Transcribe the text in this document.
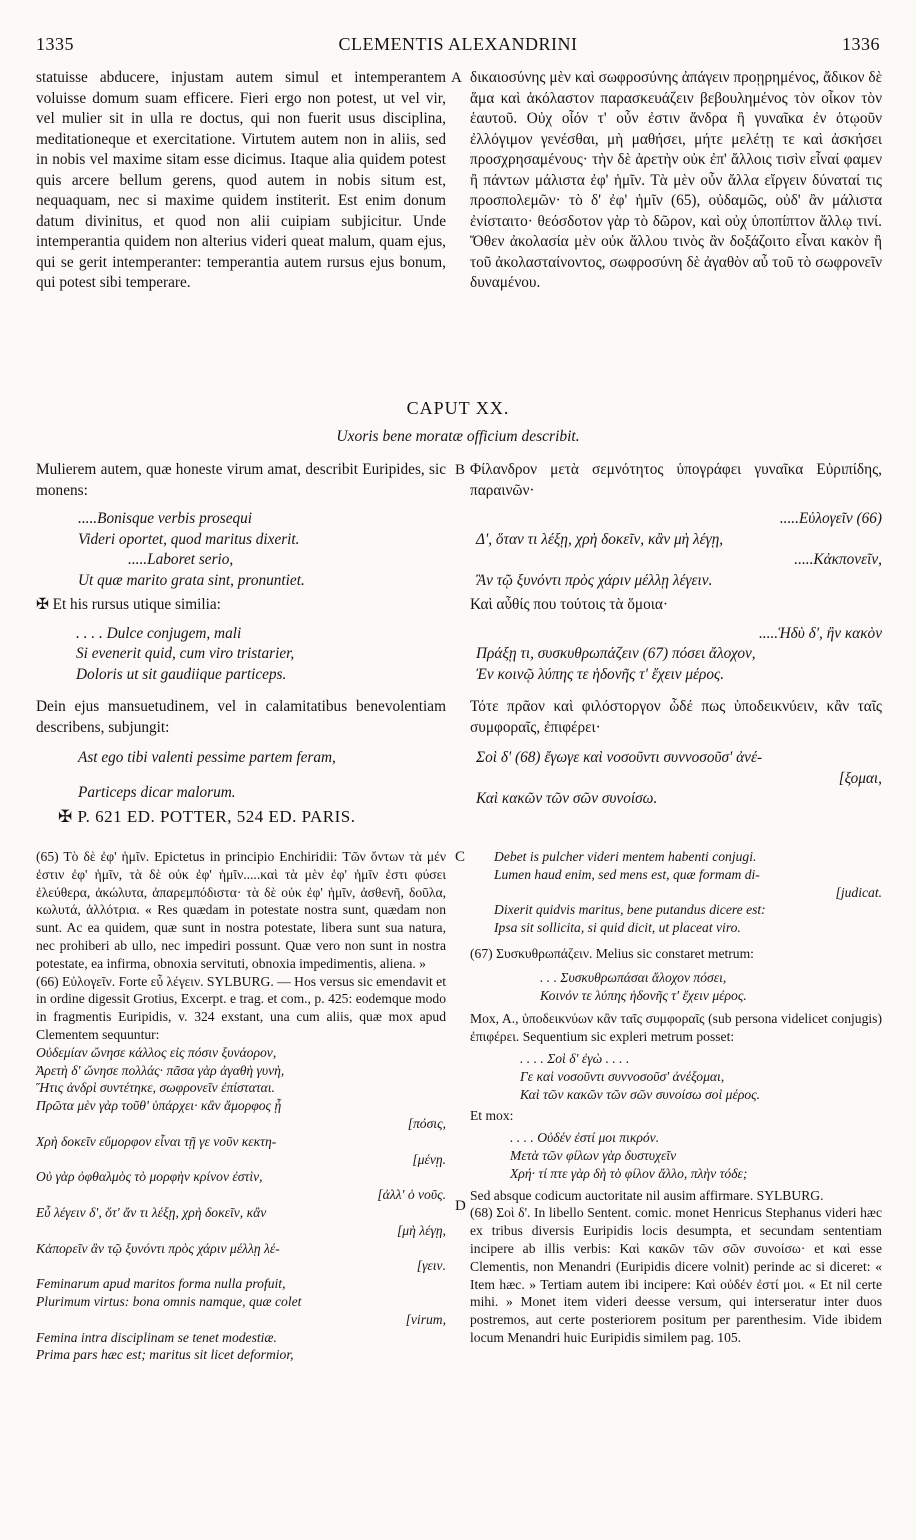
1335	CLEMENTIS ALEXANDRINI	1336
A
B
C
D

statuisse abducere, injustam autem simul et intemperantem voluisse domum suam efficere. Fieri ergo non potest, ut vel vir, vel mulier sit in ulla re doctus, qui non fuerit usus disciplina, meditationeque et exercitatione. Virtutem autem non in aliis, sed in nobis vel maxime sitam esse dicimus. Itaque alia quidem potest quis arcere bellum gerens, quod autem in nobis situm est, nequaquam, nec si maxime quidem institerit. Est enim donum datum divinitus, et quod non alii cuipiam subjicitur. Unde intemperantia quidem non alterius videri queat malum, quam ejus, qui se gerit intemperanter: temperantia autem rursus ejus bonum, qui potest sibi temperare.

δικαιοσύνης μὲν καὶ σωφροσύνης ἀπάγειν προῃρημένος, ἄδικον δὲ ἅμα καὶ ἀκόλαστον παρασκευάζειν βεβουλημένος τὸν οἶκον τὸν ἑαυτοῦ. Οὐχ οἷόν τ' οὖν ἐστιν ἄνδρα ἢ γυναῖκα ἐν ὁτῳοῦν ἐλλόγιμον γενέσθαι, μὴ μαθήσει, μήτε μελέτῃ τε καὶ ἀσκήσει προσχρησαμένους· τὴν δὲ ἀρετὴν οὐκ ἐπ' ἄλλοις τισὶν εἶναί φαμεν ἢ πάντων μάλιστα ἐφ' ἡμῖν. Τὰ μὲν οὖν ἄλλα εἴργειν δύναταί τις προσπολεμῶν· τὸ δ' ἐφ' ἡμῖν (65), οὐδαμῶς, οὐδ' ἂν μάλιστα ἐνίσταιτο· θεόσδοτον γὰρ τὸ δῶρον, καὶ οὐχ ὑποπίπτον ἄλλῳ τινί. Ὅθεν ἀκολασία μὲν οὐκ ἄλλου τινὸς ἂν δοξάζοιτο εἶναι κακὸν ἢ τοῦ ἀκολασταίνοντος, σωφροσύνη δὲ ἀγαθὸν αὖ τοῦ τὸ σωφρονεῖν δυναμένου.

CAPUT XX.
Uxoris bene moratæ officium describit.

Mulierem autem, quæ honeste virum amat, describit Euripides, sic monens:

.....Bonisque verbis prosequi
Videri oportet, quod maritus dixerit.
.....Laboret serio,
Ut quæ marito grata sint, pronuntiet.

✠ Et his rursus utique similia:

. . . . Dulce conjugem, mali
Si evenerit quid, cum viro tristarier,
Doloris ut sit gaudiique particeps.

Dein ejus mansuetudinem, vel in calamitatibus benevolentiam describens, subjungit:

Ast ego tibi valenti pessime partem feram,
Particeps dicar malorum.
✠ P. 621 ED. POTTER, 524 ED. PARIS.

Φίλανδρον μετὰ σεμνότητος ὑπογράφει γυναῖκα Εὐριπίδης, παραινῶν·

.....Εὐλογεῖν (66)
Δ', ὅταν τι λέξῃ, χρὴ δοκεῖν, κἂν μὴ λέγῃ,
.....Κἀκπονεῖν,
Ἂν τῷ ξυνόντι πρὸς χάριν μέλλῃ λέγειν.

Καὶ αὖθίς που τούτοις τὰ ὅμοια·

.....Ἡδὺ δ', ἢν κακὸν
Πράξῃ τι, συσκυθρωπάζειν (67) πόσει ἄλοχον,
Ἐν κοινῷ λύπης τε ἡδονῆς τ' ἔχειν μέρος.

Τότε πρᾶον καὶ φιλόστοργον ὧδέ πως ὑποδεικνύειν, κἂν ταῖς συμφοραῖς, ἐπιφέρει·

Σοὶ δ' (68) ἔγωγε καὶ νοσοῦντι συννοσοῦσ' ἀνέ-
[ξομαι,
Καὶ κακῶν τῶν σῶν συνοίσω.

(65) Τὸ δὲ ἐφ' ἡμῖν. Epictetus in principio Enchiridii: Τῶν ὄντων τὰ μέν ἐστιν ἐφ' ἡμῖν, τὰ δὲ οὐκ ἐφ' ἡμῖν.....καὶ τὰ μὲν ἐφ' ἡμῖν ἐστι φύσει ἐλεύθερα, ἀκώλυτα, ἀπαρεμπόδιστα· τὰ δὲ οὐκ ἐφ' ἡμῖν, ἀσθενῆ, δοῦλα, κωλυτά, ἀλλότρια. « Res quædam in potestate nostra sunt, quædam non sunt. Ac ea quidem, quæ sunt in nostra potestate, libera sunt sua natura, nec prohiberi ab ullo, nec impediri possunt. Quæ vero non sunt in nostra potestate, ea infirma, obnoxia servituti, obnoxia impedimentis, aliena. »

(66) Εὐλογεῖν. Forte εὖ λέγειν. SYLBURG. — Hos versus sic emendavit et in ordine digessit Grotius, Excerpt. e trag. et com., p. 425: eodemque modo in fragmentis Euripidis, v. 324 exstant, una cum aliis, quæ mox apud Clementem sequuntur:

Οὐδεμίαν ὤνησε κάλλος εἰς πόσιν ξυνάορον,
Ἀρετὴ δ' ὤνησε πολλάς· πᾶσα γὰρ ἀγαθὴ γυνὴ,
Ἥτις ἀνδρὶ συντέτηκε, σωφρονεῖν ἐπίσταται.
Πρῶτα μὲν γὰρ τοῦθ' ὑπάρχει· κἂν ἄμορφος ᾖ
[πόσις,
Χρὴ δοκεῖν εὔμορφον εἶναι τῇ γε νοῦν κεκτη-
[μένῃ.
Οὐ γὰρ ὀφθαλμὸς τὸ μορφὴν κρίνον ἐστὶν,
[ἀλλ' ὁ νοῦς.
Εὖ λέγειν δ', ὅτ' ἄν τι λέξῃ, χρὴ δοκεῖν, κἂν
[μὴ λέγῃ,
Κἀπορεῖν ἂν τῷ ξυνόντι πρὸς χάριν μέλλῃ λέ-
[γειν.
Feminarum apud maritos forma nulla profuit,
Plurimum virtus: bona omnis namque, quæ colet
[virum,
Femina intra disciplinam se tenet modestiæ.
Prima pars hæc est; maritus sit licet deformior,
Debet is pulcher videri mentem habenti conjugi.
Lumen haud enim, sed mens est, quæ formam di-
[judicat.
Dixerit quidvis maritus, bene putandus dicere est:
Ipsa sit sollicita, si quid dicit, ut placeat viro.

(67) Συσκυθρωπάζειν. Melius sic constaret metrum:

. . . Συσκυθρωπάσαι ἄλοχον πόσει,
Κοινόν τε λύπης ἡδονῆς τ' ἔχειν μέρος.

Mox, A., ὑποδεικνύων κἂν ταῖς συμφοραῖς (sub persona videlicet conjugis) ἐπιφέρει. Sequentium sic expleri metrum posset:

. . . . Σοὶ δ' ἐγὼ . . . .
Γε καὶ νοσοῦντι συννοσοῦσ' ἀνέξομαι,
Καὶ τῶν κακῶν τῶν σῶν συνοίσω σοὶ μέρος.

Et mox:

. . . . Οὐδέν ἐστί μοι πικρόν.
Μετὰ τῶν φίλων γὰρ δυστυχεῖν
Χρή· τί πτε γὰρ δὴ τὸ φίλον ἄλλο, πλὴν τόδε;

Sed absque codicum auctoritate nil ausim affirmare. SYLBURG.

(68) Σοὶ δ'. In libello Sentent. comic. monet Henricus Stephanus videri hæc ex tribus diversis Euripidis locis desumpta, et secundam sententiam incipere ab illis verbis: Καὶ κακῶν τῶν σῶν συνοίσω· et καὶ esse Clementis, non Menandri (Euripidis dicere volnit) perinde ac si diceret: « Item hæc. » Tertiam autem ibi incipere: Καὶ οὐδέν ἐστί μοι. « Et nil certe mihi. » Monet item videri deesse versum, qui interseratur inter duos postremos, aut certe posteriorem positum per parenthesim. Vide ibidem locum Menandri huic Euripidis similem pag. 105.
